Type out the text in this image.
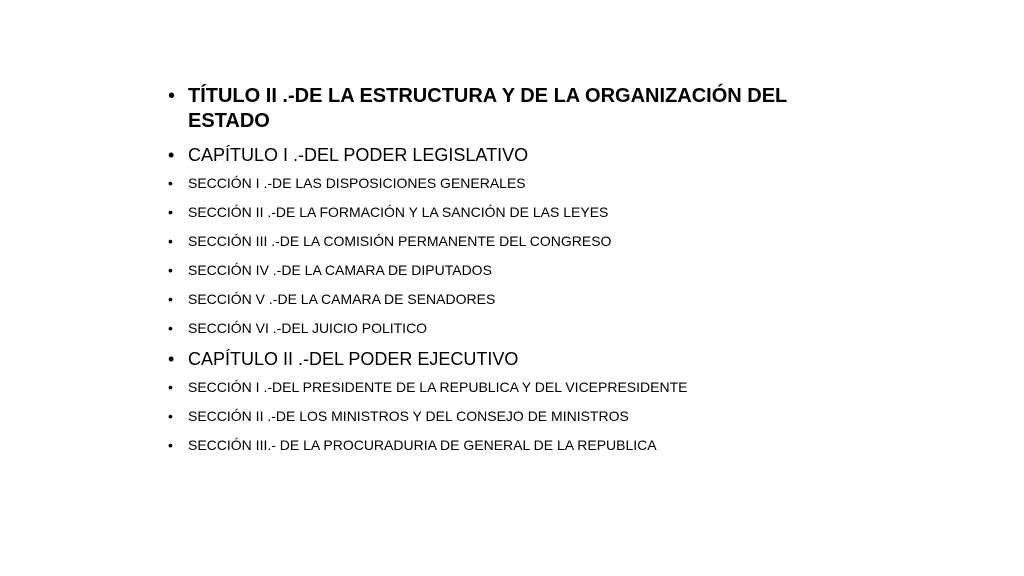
• TÍTULO II .-DE LA ESTRUCTURA Y DE LA ORGANIZACIÓN DEL ESTADO
• CAPÍTULO I .-DEL PODER LEGISLATIVO
• SECCIÓN I .-DE LAS DISPOSICIONES GENERALES
• SECCIÓN II .-DE LA FORMACIÓN Y LA SANCIÓN DE LAS LEYES
• SECCIÓN III .-DE LA COMISIÓN PERMANENTE DEL CONGRESO
• SECCIÓN IV .-DE LA CAMARA DE DIPUTADOS
• SECCIÓN V .-DE LA CAMARA DE SENADORES
• SECCIÓN VI .-DEL JUICIO POLITICO
• CAPÍTULO II .-DEL PODER EJECUTIVO
• SECCIÓN I .-DEL PRESIDENTE DE LA REPUBLICA Y DEL VICEPRESIDENTE
• SECCIÓN II .-DE LOS MINISTROS Y DEL CONSEJO DE MINISTROS
• SECCIÓN III.- DE LA PROCURADURIA DE GENERAL DE LA REPUBLICA
